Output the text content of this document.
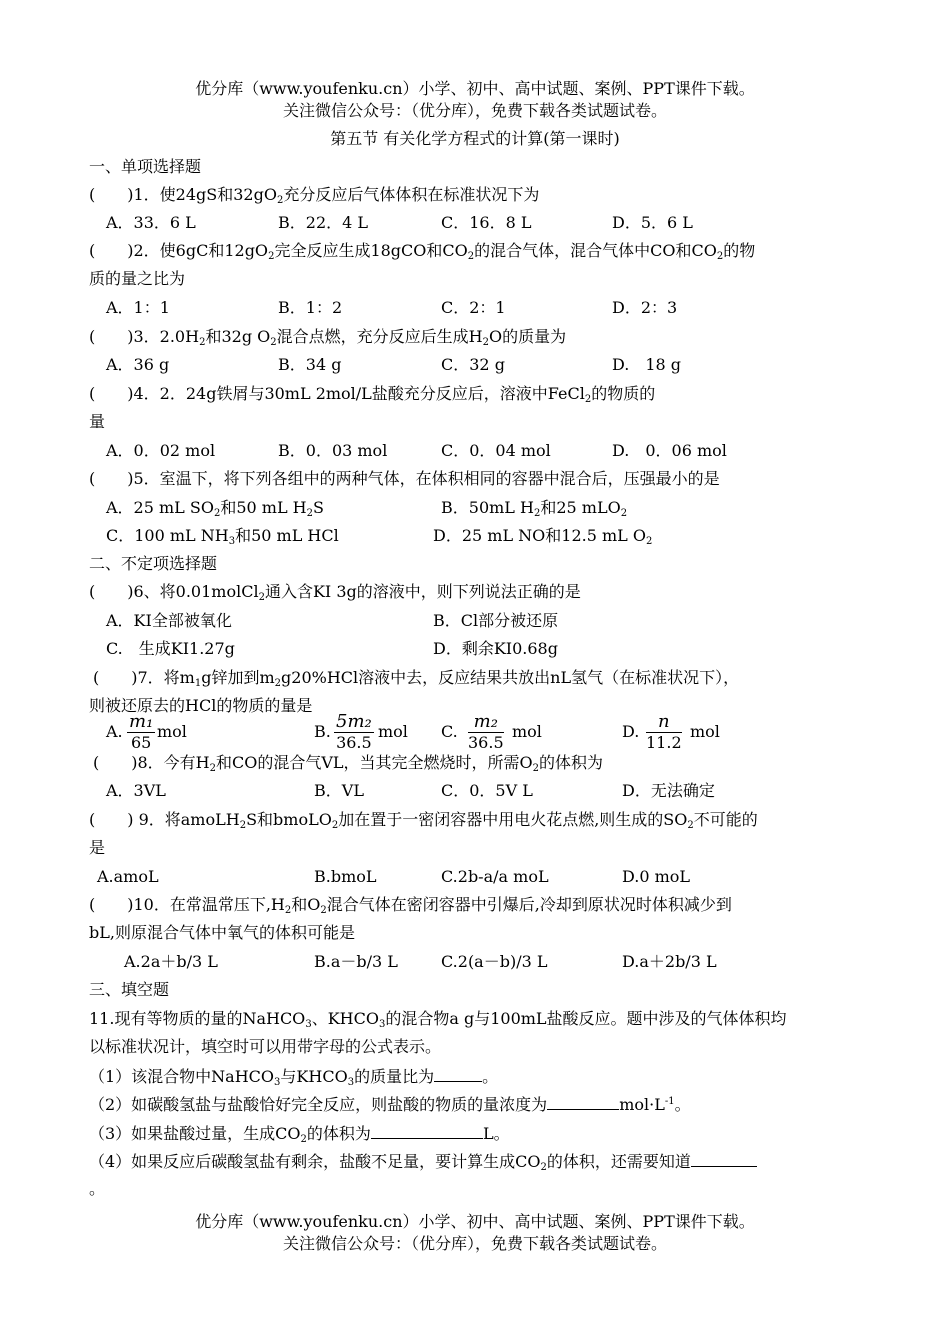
优分库（www.youfenku.cn）小学、初中、高中试题、案例、PPT课件下载。
关注微信公众号：（优分库），免费下载各类试题试卷。
第五节 有关化学方程式的计算(第一课时)
一、单项选择题
(　　)1．使24gS和32gO2充分反应后气体体积在标准状况下为
A．33．6 L	B．22．4 L	C．16．8 L	D．5．6 L
(　　)2．使6gC和12gO2完全反应生成18gCO和CO2的混合气体，混合气体中CO和CO2的物
质的量之比为
A．1：1	B．1：2	C．2：1	D．2：3
(　　)3．2.0H2和32g O2混合点燃，充分反应后生成H2O的质量为
A．36 g	B．34 g	C．32 g	D.　18 g
(　　)4．2．24g铁屑与30mL 2mol/L盐酸充分反应后，溶液中FeCl2的物质的
量
A．0．02 mol	B．0．03 mol	C．0．04 mol	D.　0．06 mol
(　　)5．室温下，将下列各组中的两种气体，在体积相同的容器中混合后，压强最小的是
A．25 mL SO2和50 mL H2S	B．50mL H2和25 mLO2
C．100 mL NH3和50 mL HCl	D．25 mL NO和12.5 mL O2
二、不定项选择题
(　　)6、将0.01molCl2通入含KI 3g的溶液中，则下列说法正确的是
A．KI全部被氧化	B．Cl部分被还原
C.　生成KI1.27g	D．剩余KI0.68g
(　　)7．将m1g锌加到m2g20%HCl溶液中去，反应结果共放出nL氢气（在标准状况下），
则被还原去的HCl的物质的量是
A. $\frac{\text{m₁}}{65}$ mol	B. $\frac{\text{5m₂}}{36.5}$ mol C. $\frac{\text{m₂}}{36.5}$ mol	D. $\frac{n}{11.2}$ mol
(　　)8．今有H2和CO的混合气VL，当其完全燃烧时，所需O2的体积为
A．3VL	B．VL	C．0．5V L	D．无法确定
(　　) 9．将amoLH2S和bmoLO2加在置于一密闭容器中用电火花点燃,则生成的SO2不可能的
是
A.amoL	B.bmoL	C.2b-a/a moL	D.0 moL
(　　)10．在常温常压下,H2和O2混合气体在密闭容器中引爆后,冷却到原状况时体积减少到
bL,则原混合气体中氧气的体积可能是
A.2a＋b/3 L	B.a－b/3 L	C.2(a－b)/3 L	D.a＋2b/3 L
三、填空题
11.现有等物质的量的NaHCO3、KHCO3的混合物a g与100mL盐酸反应。题中涉及的气体体积均
以标准状况计，填空时可以用带字母的公式表示。
（1）该混合物中NaHCO3与KHCO3的质量比为	。
（2）如碳酸氢盐与盐酸恰好完全反应，则盐酸的物质的量浓度为	$mol\cdot L^{-1}$。
（3）如果盐酸过量，生成CO2的体积为	L。
（4）如果反应后碳酸氢盐有剩余，盐酸不足量，要计算生成CO2的体积，还需要知道
。
优分库（www.youfenku.cn）小学、初中、高中试题、案例、PPT课件下载。
关注微信公众号：（优分库），免费下载各类试题试卷。
